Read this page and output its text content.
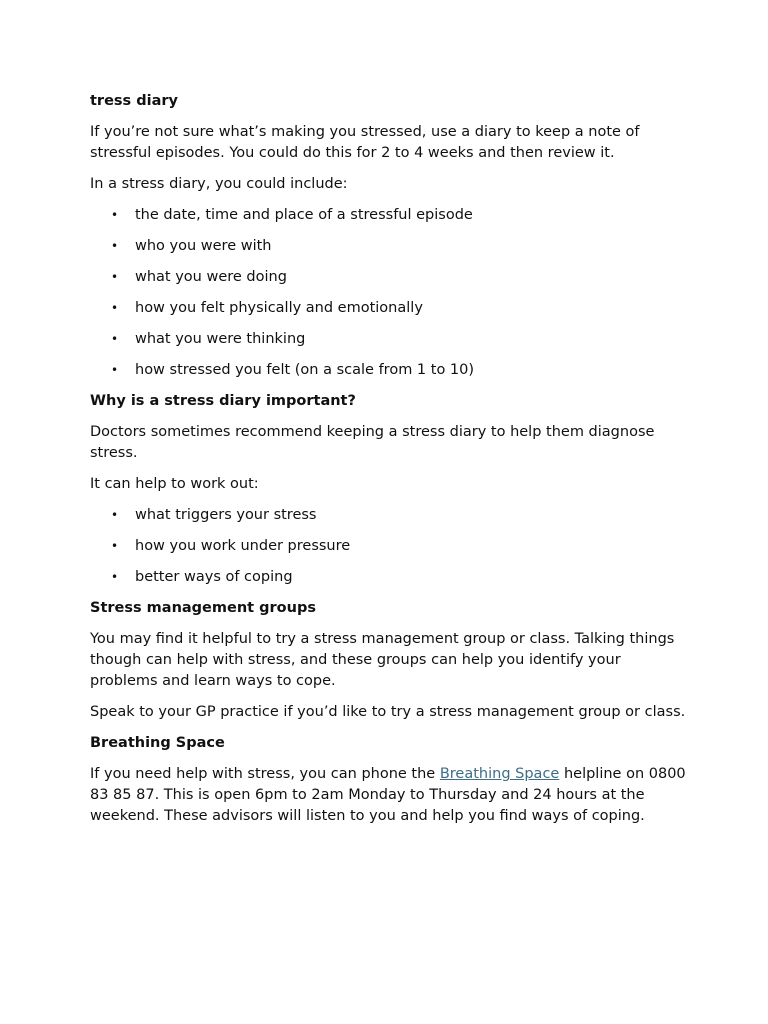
tress diary

If you’re not sure what’s making you stressed, use a diary to keep a note of stressful episodes. You could do this for 2 to 4 weeks and then review it.

In a stress diary, you could include:

• the date, time and place of a stressful episode
• who you were with
• what you were doing
• how you felt physically and emotionally
• what you were thinking
• how stressed you felt (on a scale from 1 to 10)
Why is a stress diary important?

Doctors sometimes recommend keeping a stress diary to help them diagnose stress.

It can help to work out:

• what triggers your stress
• how you work under pressure
• better ways of coping
Stress management groups

You may find it helpful to try a stress management group or class. Talking things though can help with stress, and these groups can help you identify your problems and learn ways to cope.

Speak to your GP practice if you’d like to try a stress management group or class.

Breathing Space

If you need help with stress, you can phone the Breathing Space helpline on 0800 83 85 87. This is open 6pm to 2am Monday to Thursday and 24 hours at the weekend. These advisors will listen to you and help you find ways of coping.
